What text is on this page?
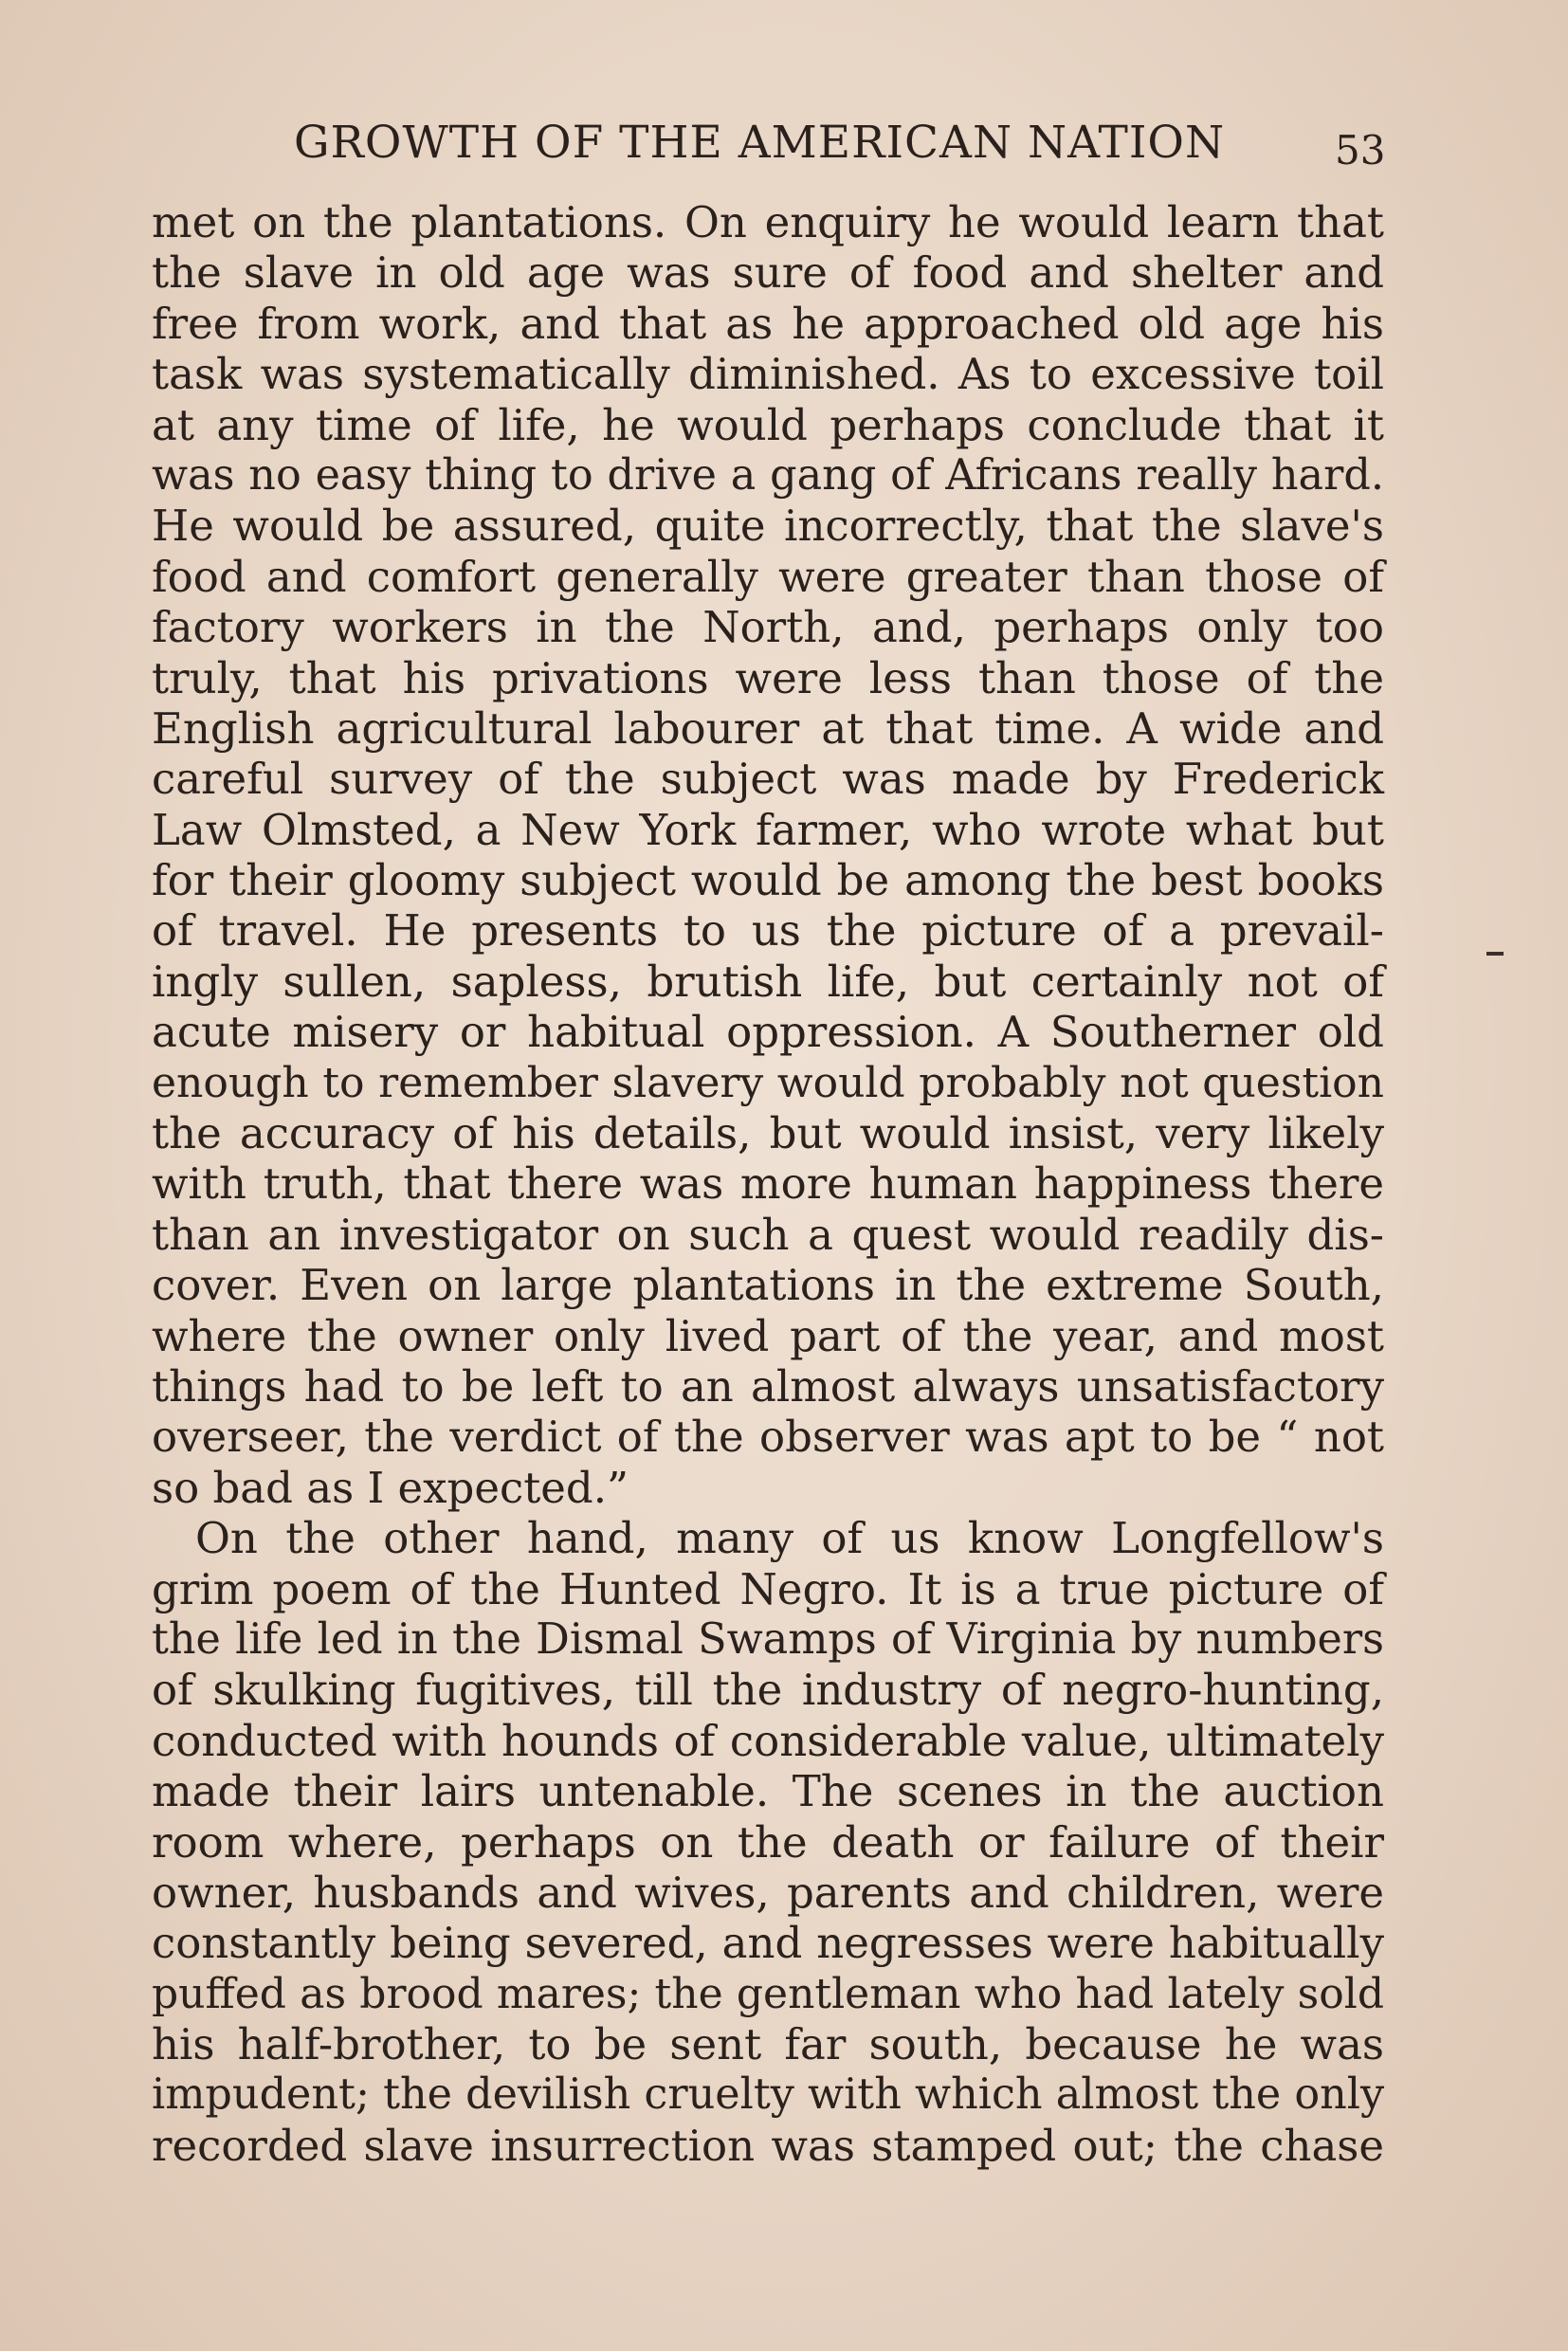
GROWTH OF THE AMERICAN NATION	53
met on the plantations. On enquiry he would learn that
the slave in old age was sure of food and shelter and
free from work, and that as he approached old age his
task was systematically diminished. As to excessive toil
at any time of life, he would perhaps conclude that it
was no easy thing to drive a gang of Africans really hard.
He would be assured, quite incorrectly, that the slave's
food and comfort generally were greater than those of
factory workers in the North, and, perhaps only too
truly, that his privations were less than those of the
English agricultural labourer at that time. A wide and
careful survey of the subject was made by Frederick
Law Olmsted, a New York farmer, who wrote what but
for their gloomy subject would be among the best books
of travel. He presents to us the picture of a prevail-
ingly sullen, sapless, brutish life, but certainly not of
acute misery or habitual oppression. A Southerner old
enough to remember slavery would probably not question
the accuracy of his details, but would insist, very likely
with truth, that there was more human happiness there
than an investigator on such a quest would readily dis-
cover. Even on large plantations in the extreme South,
where the owner only lived part of the year, and most
things had to be left to an almost always unsatisfactory
overseer, the verdict of the observer was apt to be “ not
so bad as I expected.”
On the other hand, many of us know Longfellow's
grim poem of the Hunted Negro. It is a true picture of
the life led in the Dismal Swamps of Virginia by numbers
of skulking fugitives, till the industry of negro-hunting,
conducted with hounds of considerable value, ultimately
made their lairs untenable. The scenes in the auction
room where, perhaps on the death or failure of their
owner, husbands and wives, parents and children, were
constantly being severed, and negresses were habitually
puffed as brood mares; the gentleman who had lately sold
his half-brother, to be sent far south, because he was
impudent; the devilish cruelty with which almost the only
recorded slave insurrection was stamped out; the chase
